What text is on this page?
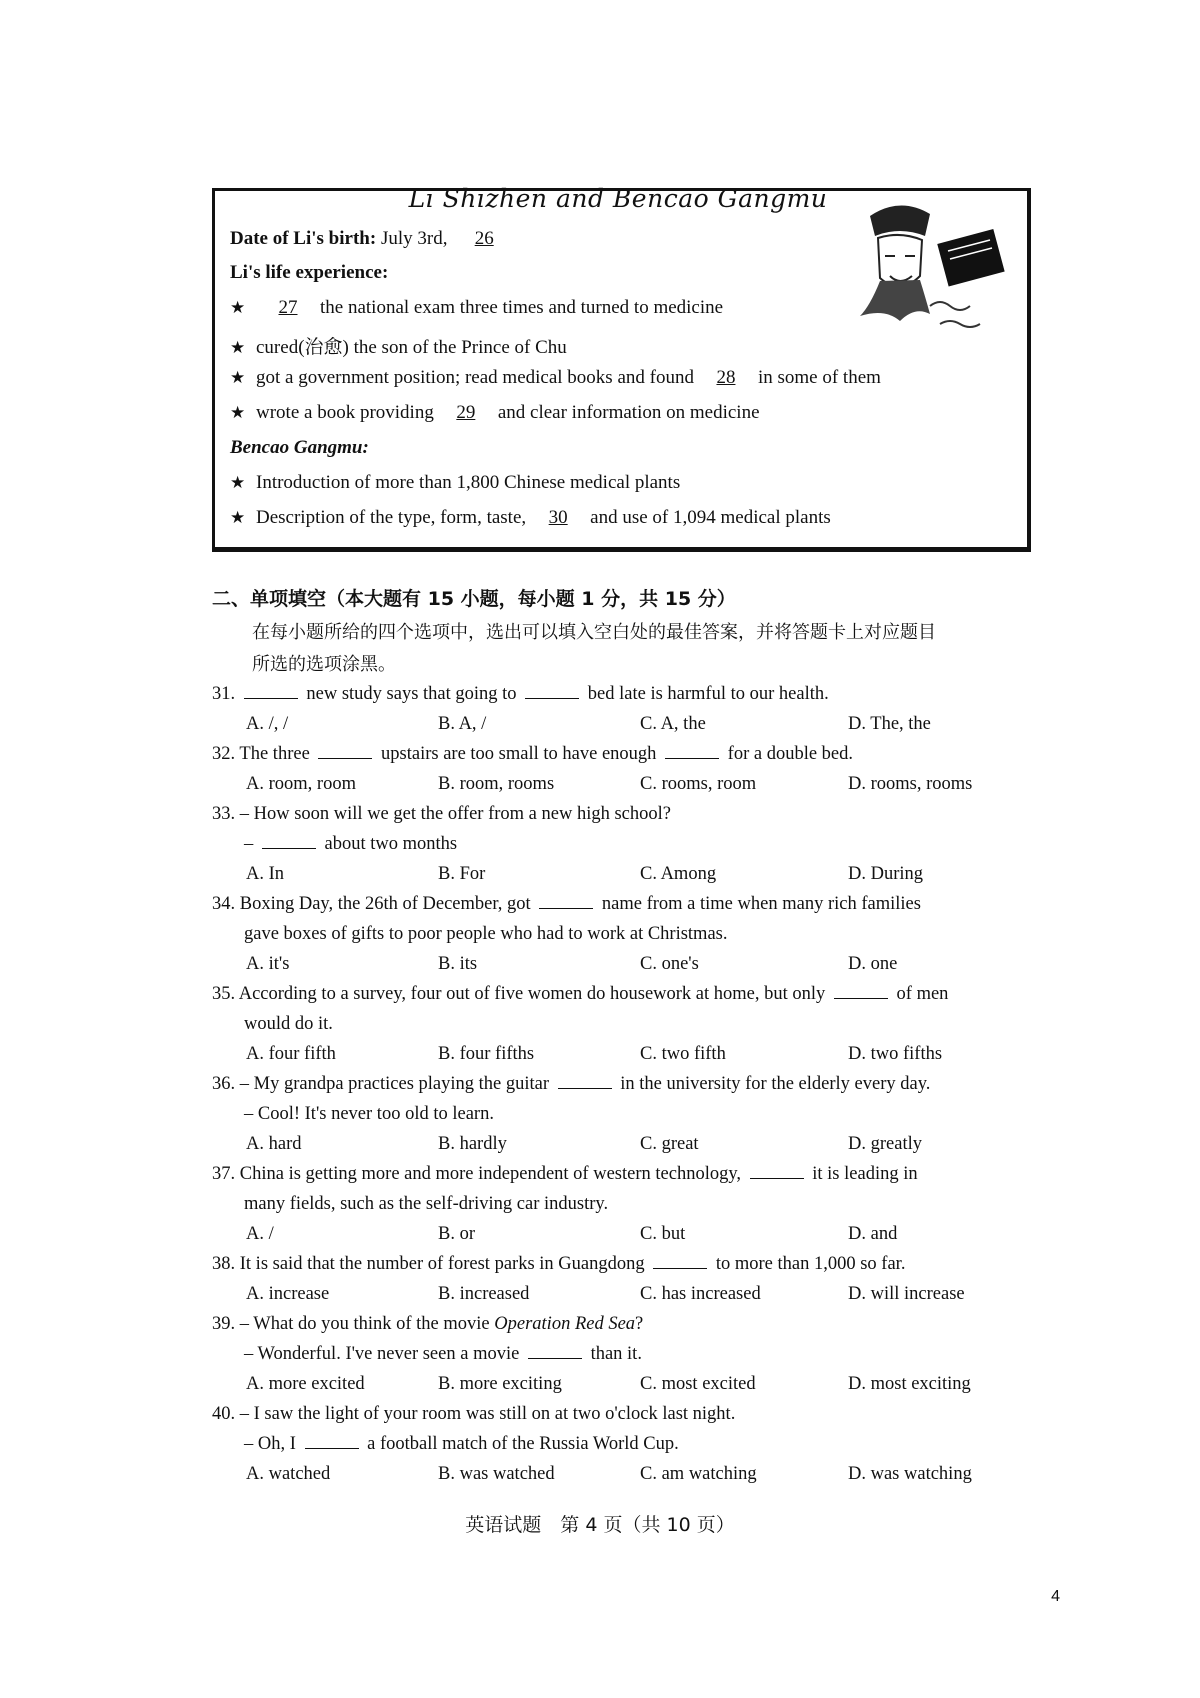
Li Shizhen and Bencao Gangmu
Date of Li's birth: July 3rd, 26
Li's life experience:
★ 27 the national exam three times and turned to medicine
★ cured(治愈) the son of the Prince of Chu
★ got a government position; read medical books and found 28 in some of them
★ wrote a book providing 29 and clear information on medicine
Bencao Gangmu:
★ Introduction of more than 1,800 Chinese medical plants
★ Description of the type, form, taste, 30 and use of 1,094 medical plants
二、单项填空（本大题有 15 小题，每小题 1 分，共 15 分）
在每小题所给的四个选项中，选出可以填入空白处的最佳答案，并将答题卡上对应题目
所选的选项涂黑。
31.	new study says that going to	bed late is harmful to our health.
A. /, /	B. A, /	C. A, the	D. The, the
32. The three	upstairs are too small to have enough	for a double bed.
A. room, room	B. room, rooms	C. rooms, room	D. rooms, rooms
33. – How soon will we get the offer from a new high school?
–	about two months
A. In	B. For	C. Among	D. During
34. Boxing Day, the 26th of December, got	name from a time when many rich families
gave boxes of gifts to poor people who had to work at Christmas.
A. it's	B. its	C. one's	D. one
35. According to a survey, four out of five women do housework at home, but only	of men
would do it.
A. four fifth	B. four fifths	C. two fifth	D. two fifths
36. – My grandpa practices playing the guitar	in the university for the elderly every day.
– Cool! It's never too old to learn.
A. hard	B. hardly	C. great	D. greatly
37. China is getting more and more independent of western technology,	it is leading in
many fields, such as the self-driving car industry.
A. /	B. or	C. but	D. and
38. It is said that the number of forest parks in Guangdong	to more than 1,000 so far.
A. increase	B. increased	C. has increased	D. will increase
39. – What do you think of the movie Operation Red Sea?
– Wonderful. I've never seen a movie	than it.
A. more excited	B. more exciting	C. most excited	D. most exciting
40. – I saw the light of your room was still on at two o'clock last night.
– Oh, I	a football match of the Russia World Cup.
A. watched	B. was watched	C. am watching	D. was watching
英语试题　第 4 页（共 10 页）
4
